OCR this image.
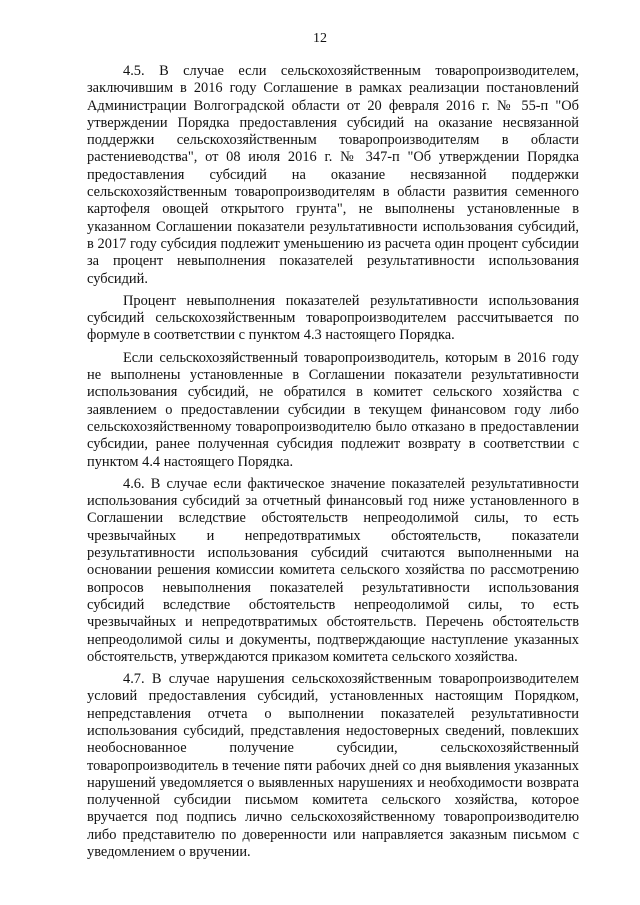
12

4.5. В случае если сельскохозяйственным товаропроизводителем, заключившим в 2016 году Соглашение в рамках реализации постановлений Администрации Волгоградской области от 20 февраля 2016 г. № 55-п "Об утверждении Порядка предоставления субсидий на оказание несвязанной поддержки сельскохозяйственным товаропроизводителям в области растениеводства", от 08 июля 2016 г. № 347-п "Об утверждении Порядка предоставления субсидий на оказание несвязанной поддержки сельскохозяйственным товаропроизводителям в области развития семенного картофеля овощей открытого грунта", не выполнены установленные в указанном Соглашении показатели результативности использования субсидий, в 2017 году субсидия подлежит уменьшению из расчета один процент субсидии за процент невыполнения показателей результативности использования субсидий.

Процент невыполнения показателей результативности использования субсидий сельскохозяйственным товаропроизводителем рассчитывается по формуле в соответствии с пунктом 4.3 настоящего Порядка.

Если сельскохозяйственный товаропроизводитель, которым в 2016 году не выполнены установленные в Соглашении показатели результативности использования субсидий, не обратился в комитет сельского хозяйства с заявлением о предоставлении субсидии в текущем финансовом году либо сельскохозяйственному товаропроизводителю было отказано в предоставлении субсидии, ранее полученная субсидия подлежит возврату в соответствии с пунктом 4.4 настоящего Порядка.

4.6. В случае если фактическое значение показателей результативности использования субсидий за отчетный финансовый год ниже установленного в Соглашении вследствие обстоятельств непреодолимой силы, то есть чрезвычайных и непредотвратимых обстоятельств, показатели результативности использования субсидий считаются выполненными на основании решения комиссии комитета сельского хозяйства по рассмотрению вопросов невыполнения показателей результативности использования субсидий вследствие обстоятельств непреодолимой силы, то есть чрезвычайных и непредотвратимых обстоятельств. Перечень обстоятельств непреодолимой силы и документы, подтверждающие наступление указанных обстоятельств, утверждаются приказом комитета сельского хозяйства.

4.7. В случае нарушения сельскохозяйственным товаропроизводителем условий предоставления субсидий, установленных настоящим Порядком, непредставления отчета о выполнении показателей результативности использования субсидий, представления недостоверных сведений, повлекших необоснованное получение субсидии, сельскохозяйственный товаропроизводитель в течение пяти рабочих дней со дня выявления указанных нарушений уведомляется о выявленных нарушениях и необходимости возврата полученной субсидии письмом комитета сельского хозяйства, которое вручается под подпись лично сельскохозяйственному товаропроизводителю либо представителю по доверенности или направляется заказным письмом с уведомлением о вручении.
